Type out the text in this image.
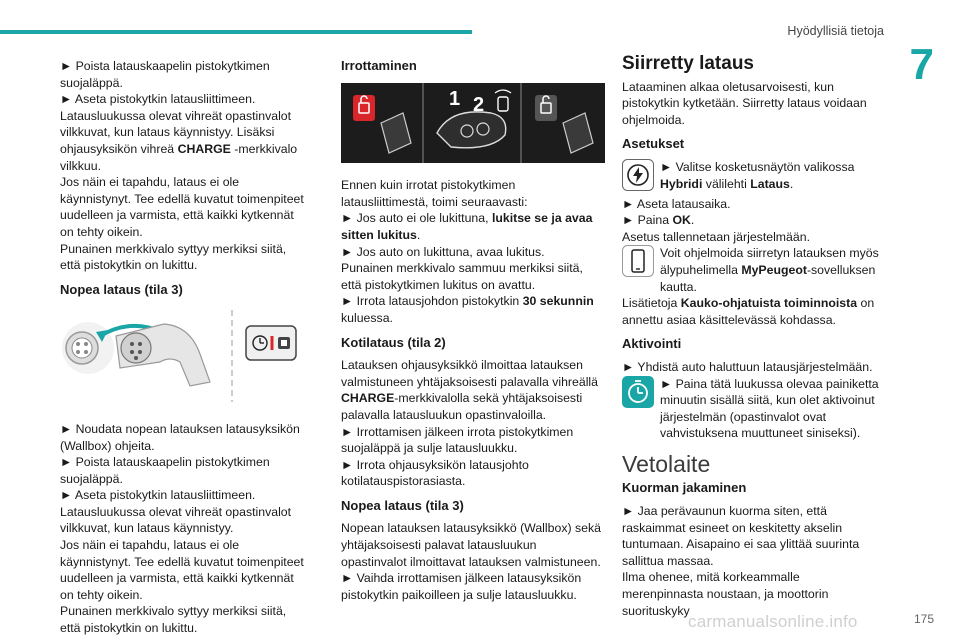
Hyödyllisiä tietoja
7

► Poista latauskaapelin pistokytkimen suojaläppä.

► Aseta pistokytkin latausliittimeen.

Latausluukussa olevat vihreät opastinvalot vilkkuvat, kun lataus käynnistyy. Lisäksi ohjausyksikön vihreä CHARGE -merkkivalo vilkkuu.

Jos näin ei tapahdu, lataus ei ole käynnistynyt. Tee edellä kuvatut toimenpiteet uudelleen ja varmista, että kaikki kytkennät on tehty oikein.

Punainen merkkivalo syttyy merkiksi siitä, että pistokytkin on lukittu.

Nopea lataus (tila 3)

► Noudata nopean latauksen latausyksikön (Wallbox) ohjeita.

► Poista latauskaapelin pistokytkimen suojaläppä.

► Aseta pistokytkin latausliittimeen.

Latausluukussa olevat vihreät opastinvalot vilkkuvat, kun lataus käynnistyy.

Jos näin ei tapahdu, lataus ei ole käynnistynyt. Tee edellä kuvatut toimenpiteet uudelleen ja varmista, että kaikki kytkennät on tehty oikein.

Punainen merkkivalo syttyy merkiksi siitä, että pistokytkin on lukittu.

Irrottaminen
1 2

Ennen kuin irrotat pistokytkimen latausliittimestä, toimi seuraavasti:

► Jos auto ei ole lukittuna, lukitse se ja avaa sitten lukitus.

► Jos auto on lukittuna, avaa lukitus.

Punainen merkkivalo sammuu merkiksi siitä, että pistokytkimen lukitus on avattu.

► Irrota latausjohdon pistokytkin 30 sekunnin kuluessa.

Kotilataus (tila 2)

Latauksen ohjausyksikkö ilmoittaa latauksen valmistuneen yhtäjaksoisesti palavalla vihreällä CHARGE-merkkivalolla sekä yhtäjaksoisesti palavalla latausluukun opastinvaloilla.

► Irrottamisen jälkeen irrota pistokytkimen suojaläppä ja sulje latausluukku.

► Irrota ohjausyksikön latausjohto kotilatauspistorasiasta.

Nopea lataus (tila 3)

Nopean latauksen latausyksikkö (Wallbox) sekä yhtäjaksoisesti palavat latausluukun opastinvalot ilmoittavat latauksen valmistuneen.

► Vaihda irrottamisen jälkeen latausyksikön pistokytkin paikoilleen ja sulje latausluukku.

Siirretty lataus

Lataaminen alkaa oletusarvoisesti, kun pistokytkin kytketään. Siirretty lataus voidaan ohjelmoida.

Asetukset

► Valitse kosketusnäytön valikossa Hybridi välilehti Lataus.

► Aseta latausaika.

► Paina OK.

Asetus tallennetaan järjestelmään.

Voit ohjelmoida siirretyn latauksen myös älypuhelimella MyPeugeot-sovelluksen kautta.

Lisätietoja Kauko-ohjatuista toiminnoista on annettu asiaa käsittelevässä kohdassa.

Aktivointi

► Yhdistä auto haluttuun latausjärjestelmään.

► Paina tätä luukussa olevaa painiketta minuutin sisällä siitä, kun olet aktivoinut järjestelmän (opastinvalot ovat vahvistuksena muuttuneet siniseksi).

Vetolaite
Kuorman jakaminen

► Jaa perävaunun kuorma siten, että raskaimmat esineet on keskitetty akselin tuntumaan. Aisapaino ei saa ylittää suurinta sallittua massaa.

Ilma ohenee, mitä korkeammalle merenpinnasta noustaan, ja moottorin suorituskyky

carmanualsonline.info	175
